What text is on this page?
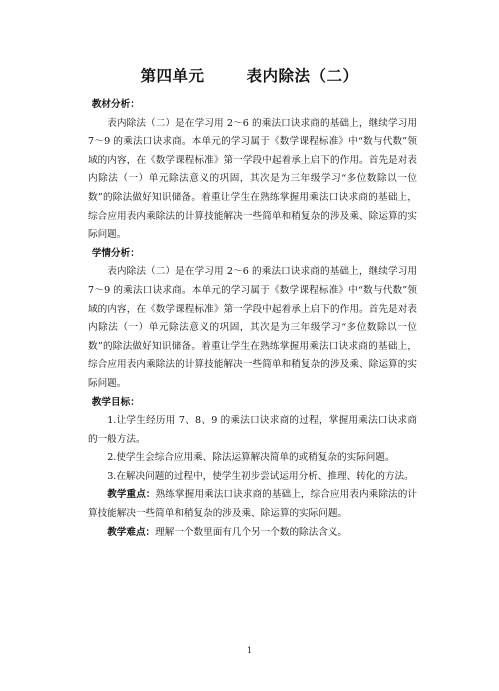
第四单元	表内除法（二）
教材分析：

表内除法（二）是在学习用 2～6 的乘法口诀求商的基础上，继续学习用 7～9 的乘法口诀求商。本单元的学习属于《数学课程标准》中“数与代数”领域的内容，在《数学课程标准》第一学段中起着承上启下的作用。首先是对表内除法（一）单元除法意义的巩固，其次是为三年级学习“多位数除以一位数”的除法做好知识储备。着重让学生在熟练掌握用乘法口诀求商的基础上，综合应用表内乘除法的计算技能解决一些简单和稍复杂的涉及乘、除运算的实际问题。

学情分析：

表内除法（二）是在学习用 2～6 的乘法口诀求商的基础上，继续学习用 7～9 的乘法口诀求商。本单元的学习属于《数学课程标准》中“数与代数”领域的内容，在《数学课程标准》第一学段中起着承上启下的作用。首先是对表内除法（一）单元除法意义的巩固，其次是为三年级学习“多位数除以一位数”的除法做好知识储备。着重让学生在熟练掌握用乘法口诀求商的基础上，综合应用表内乘除法的计算技能解决一些简单和稍复杂的涉及乘、除运算的实际问题。

教学目标：

1.让学生经历用 7、8、9 的乘法口诀求商的过程，掌握用乘法口诀求商的一般方法。

2.使学生会综合应用乘、除法运算解决简单的或稍复杂的实际问题。

3.在解决问题的过程中，使学生初步尝试运用分析、推理、转化的方法。

教学重点：熟练掌握用乘法口诀求商的基础上，综合应用表内乘除法的计算技能解决一些简单和稍复杂的涉及乘、除运算的实际问题。

教学难点：理解一个数里面有几个另一个数的除法含义。

1
